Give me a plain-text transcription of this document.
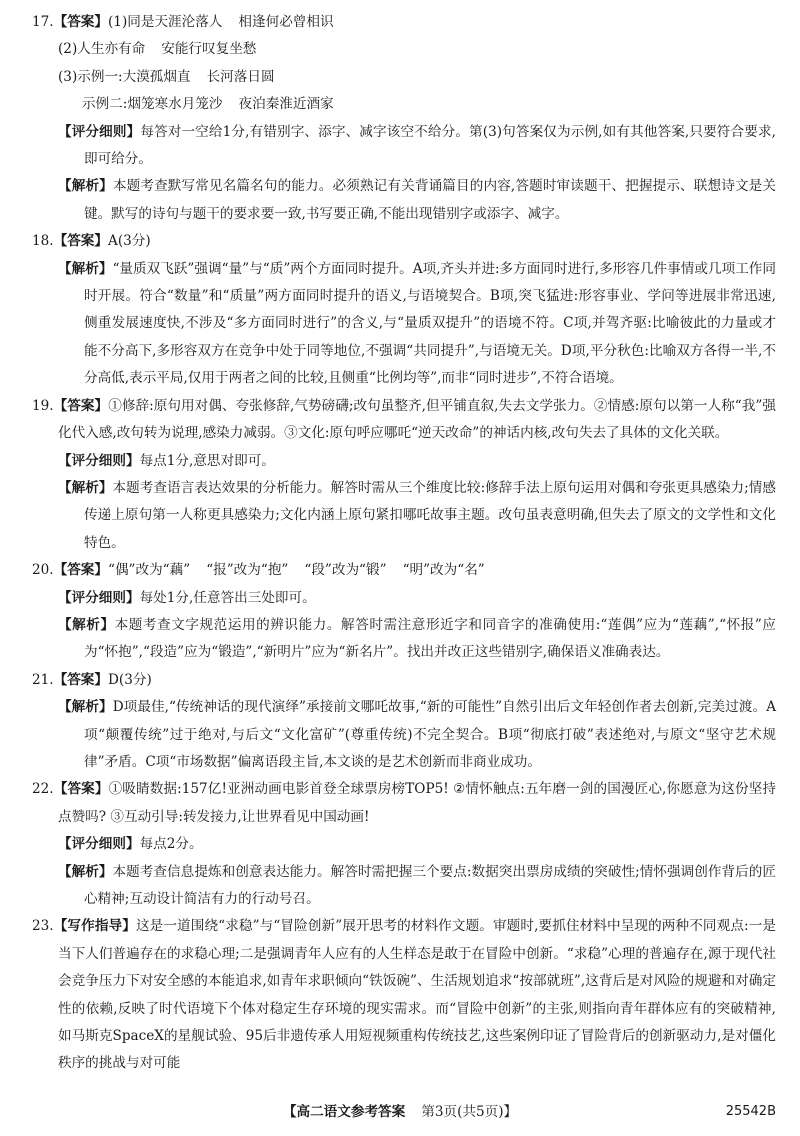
17.【答案】(1)同是天涯沦落人 相逢何必曾相识

(2)人生亦有命 安能行叹复坐愁

(3)示例一:大漠孤烟直 长河落日圆

示例二:烟笼寒水月笼沙 夜泊秦淮近酒家

【评分细则】每答对一空给1分,有错别字、添字、减字该空不给分。第(3)句答案仅为示例,如有其他答案,只要符合要求,即可给分。

【解析】本题考查默写常见名篇名句的能力。必须熟记有关背诵篇目的内容,答题时审读题干、把握提示、联想诗文是关键。默写的诗句与题干的要求要一致,书写要正确,不能出现错别字或添字、减字。

18.【答案】A(3分)

【解析】“量质双飞跃”强调“量”与“质”两个方面同时提升。A项,齐头并进:多方面同时进行,多形容几件事情或几项工作同时开展。符合“数量”和“质量”两方面同时提升的语义,与语境契合。B项,突飞猛进:形容事业、学问等进展非常迅速,侧重发展速度快,不涉及“多方面同时进行”的含义,与“量质双提升”的语境不符。C项,并驾齐驱:比喻彼此的力量或才能不分高下,多形容双方在竞争中处于同等地位,不强调“共同提升”,与语境无关。D项,平分秋色:比喻双方各得一半,不分高低,表示平局,仅用于两者之间的比较,且侧重“比例均等”,而非“同时进步”,不符合语境。

19.【答案】①修辞:原句用对偶、夸张修辞,气势磅礴;改句虽整齐,但平铺直叙,失去文学张力。②情感:原句以第一人称“我”强化代入感,改句转为说理,感染力减弱。③文化:原句呼应哪吒“逆天改命”的神话内核,改句失去了具体的文化关联。

【评分细则】每点1分,意思对即可。

【解析】本题考查语言表达效果的分析能力。解答时需从三个维度比较:修辞手法上原句运用对偶和夸张更具感染力;情感传递上原句第一人称更具感染力;文化内涵上原句紧扣哪吒故事主题。改句虽表意明确,但失去了原文的文学性和文化特色。

20.【答案】“偶”改为“藕” “报”改为“抱” “段”改为“锻” “明”改为“名”

【评分细则】每处1分,任意答出三处即可。

【解析】本题考查文字规范运用的辨识能力。解答时需注意形近字和同音字的准确使用:“莲偶”应为“莲藕”,“怀报”应为“怀抱”,“段造”应为“锻造”,“新明片”应为“新名片”。找出并改正这些错别字,确保语义准确表达。

21.【答案】D(3分)

【解析】D项最佳,“传统神话的现代演绎”承接前文哪吒故事,“新的可能性”自然引出后文年轻创作者去创新,完美过渡。A项“颠覆传统”过于绝对,与后文“文化富矿”(尊重传统)不完全契合。B项“彻底打破”表述绝对,与原文“坚守艺术规律”矛盾。C项“市场数据”偏离语段主旨,本文谈的是艺术创新而非商业成功。

22.【答案】①吸睛数据:157亿!亚洲动画电影首登全球票房榜TOP5! ②情怀触点:五年磨一剑的国漫匠心,你愿意为这份坚持点赞吗? ③互动引导:转发接力,让世界看见中国动画!

【评分细则】每点2分。

【解析】本题考查信息提炼和创意表达能力。解答时需把握三个要点:数据突出票房成绩的突破性;情怀强调创作背后的匠心精神;互动设计简洁有力的行动号召。

23.【写作指导】这是一道围绕“求稳”与“冒险创新”展开思考的材料作文题。审题时,要抓住材料中呈现的两种不同观点:一是当下人们普遍存在的求稳心理;二是强调青年人应有的人生样态是敢于在冒险中创新。“求稳”心理的普遍存在,源于现代社会竞争压力下对安全感的本能追求,如青年求职倾向“铁饭碗”、生活规划追求“按部就班”,这背后是对风险的规避和对确定性的依赖,反映了时代语境下个体对稳定生存环境的现实需求。而“冒险中创新”的主张,则指向青年群体应有的突破精神,如马斯克SpaceX的星舰试验、95后非遗传承人用短视频重构传统技艺,这些案例印证了冒险背后的创新驱动力,是对僵化秩序的挑战与对可能

【高二语文参考答案 第3页(共5页)】	25542B
